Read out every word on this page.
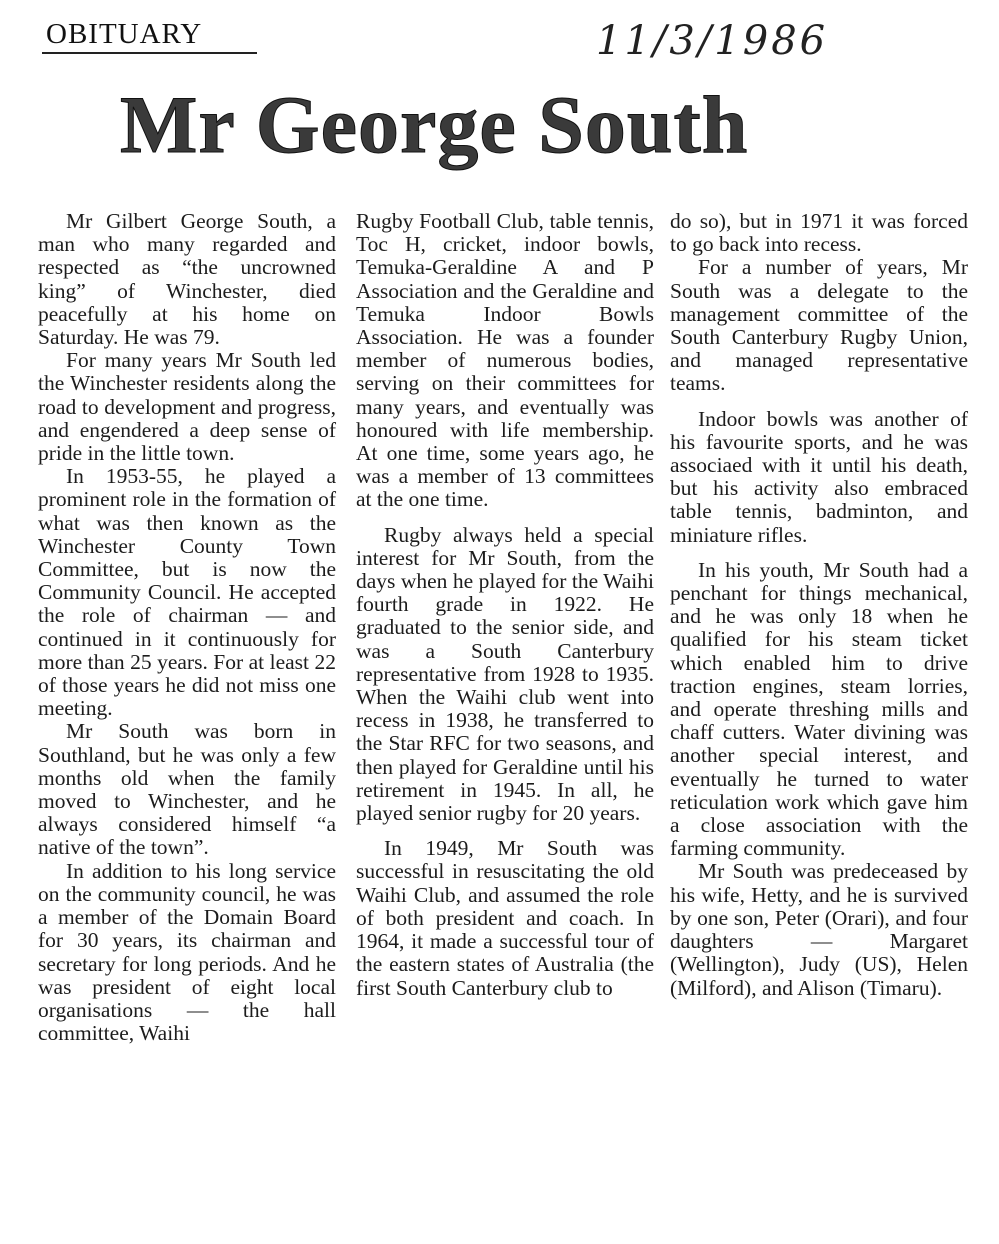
OBITUARY	11/3/1986
Mr George South

Mr Gilbert George South, a man who many regarded and respected as “the uncrowned king” of Winchester, died peacefully at his home on Saturday. He was 79.

For many years Mr South led the Winchester residents along the road to development and progress, and engendered a deep sense of pride in the little town.

In 1953-55, he played a prominent role in the formation of what was then known as the Winchester County Town Committee, but is now the Community Council. He accepted the role of chairman — and continued in it continuously for more than 25 years. For at least 22 of those years he did not miss one meeting.

Mr South was born in Southland, but he was only a few months old when the family moved to Winchester, and he always considered himself “a native of the town”.

In addition to his long service on the community council, he was a member of the Domain Board for 30 years, its chairman and secretary for long periods. And he was president of eight local organisations — the hall committee, Waihi

Rugby Football Club, table tennis, Toc H, cricket, indoor bowls, Temuka-Geraldine A and P Association and the Geraldine and Temuka Indoor Bowls Association. He was a founder member of numerous bodies, serving on their committees for many years, and eventually was honoured with life membership. At one time, some years ago, he was a member of 13 committees at the one time.

Rugby always held a special interest for Mr South, from the days when he played for the Waihi fourth grade in 1922. He graduated to the senior side, and was a South Canterbury representative from 1928 to 1935. When the Waihi club went into recess in 1938, he transferred to the Star RFC for two seasons, and then played for Geraldine until his retirement in 1945. In all, he played senior rugby for 20 years.

In 1949, Mr South was successful in resuscitating the old Waihi Club, and assumed the role of both president and coach. In 1964, it made a successful tour of the eastern states of Australia (the first South Canterbury club to

do so), but in 1971 it was forced to go back into recess.

For a number of years, Mr South was a delegate to the management committee of the South Canterbury Rugby Union, and managed representative teams.

Indoor bowls was another of his favourite sports, and he was associaed with it until his death, but his activity also embraced table tennis, badminton, and miniature rifles.

In his youth, Mr South had a penchant for things mechanical, and he was only 18 when he qualified for his steam ticket which enabled him to drive traction engines, steam lorries, and operate threshing mills and chaff cutters. Water divining was another special interest, and eventually he turned to water reticulation work which gave him a close association with the farming community.

Mr South was predeceased by his wife, Hetty, and he is survived by one son, Peter (Orari), and four daughters — Margaret (Wellington), Judy (US), Helen (Milford), and Alison (Timaru).
